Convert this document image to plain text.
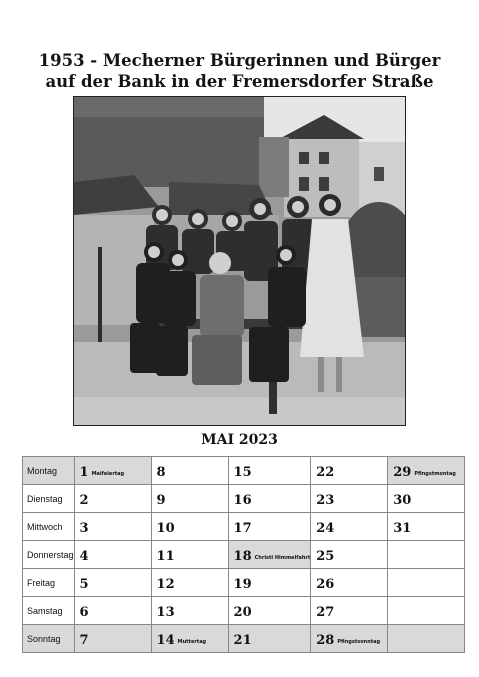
1953 - Mecherner Bürgerinnen und Bürger
auf der Bank in der Fremersdorfer Straße
MAI 2023
Montag	1 Maifeiertag	8	15	22	29 Pfingstmontag
Dienstag	2	9	16	23	30
Mittwoch	3	10	17	24	31
Donnerstag	4	11	18 Christi Himmelfahrt	25	
Freitag	5	12	19	26	
Samstag	6	13	20	27	
Sonntag	7	14 Muttertag	21	28 Pfingstsonntag	
